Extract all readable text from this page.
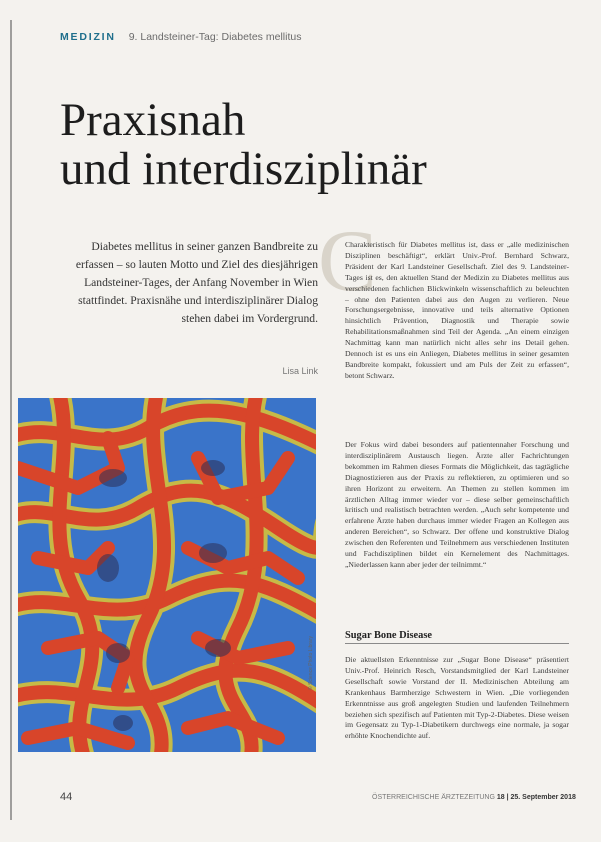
MEDIZIN 9. Landsteiner-Tag: Diabetes mellitus
Praxisnah
und interdisziplinär
Diabetes mellitus in seiner ganzen Bandbreite zu erfassen – so lauten Motto und Ziel des diesjährigen Landsteiner-Tages, der Anfang November in Wien stattfindet. Praxisnähe und interdisziplinärer Dialog stehen dabei im Vordergrund.
Lisa Link
© Science Photo Library
C

Charakteristisch für Diabetes mellitus ist, dass er „alle medizinischen Disziplinen beschäftigt“, erklärt Univ.-Prof. Bernhard Schwarz, Präsident der Karl Landsteiner Gesellschaft. Ziel des 9. Landsteiner-Tages ist es, den aktuellen Stand der Medizin zu Diabetes mellitus aus verschiedenen fachlichen Blickwinkeln wissenschaftlich zu beleuchten – ohne den Patienten dabei aus den Augen zu verlieren. Neue Forschungsergebnisse, innovative und teils alternative Optionen hinsichtlich Prävention, Diagnostik und Therapie sowie Rehabilitationsmaßnahmen sind Teil der Agenda. „An einem einzigen Nachmittag kann man natürlich nicht alles sehr ins Detail gehen. Dennoch ist es uns ein Anliegen, Diabetes mellitus in seiner gesamten Bandbreite kompakt, fokussiert und am Puls der Zeit zu erfassen“, betont Schwarz.

Der Fokus wird dabei besonders auf patientennaher Forschung und interdisziplinärem Austausch liegen. Ärzte aller Fachrichtungen bekommen im Rahmen dieses Formats die Möglichkeit, das tagtägliche Diagnostizieren aus der Praxis zu reflektieren, zu optimieren und so ihren Horizont zu erweitern. An Themen zu stellen kommen im ärztlichen Alltag immer wieder vor – diese selber gemeinschaftlich kritisch und realistisch betrachten werden. „Auch sehr kompetente und erfahrene Ärzte haben durchaus immer wieder Fragen an Kollegen aus anderen Bereichen“, so Schwarz. Der offene und konstruktive Dialog zwischen den Referenten und Teilnehmern aus verschiedenen Instituten und Fachdisziplinen bildet ein Kernelement des Nachmittages. „Niederlassen kann aber jeder der teilnimmt.“

Sugar Bone Disease

Die aktuellsten Erkenntnisse zur „Sugar Bone Disease“ präsentiert Univ.-Prof. Heinrich Resch, Vorstandsmitglied der Karl Landsteiner Gesellschaft sowie Vorstand der II. Medizinischen Abteilung am Krankenhaus Barmherzige Schwestern in Wien. „Die vorliegenden Erkenntnisse aus groß angelegten Studien und laufenden Teilnehmern beziehen sich spezifisch auf Patienten mit Typ-2-Diabetes. Diese weisen im Gegensatz zu Typ-1-Diabetikern durchwegs eine normale, ja sogar erhöhte Knochendichte auf.

44	ÖSTERREICHISCHE ÄRZTEZEITUNG 18 | 25. September 2018
